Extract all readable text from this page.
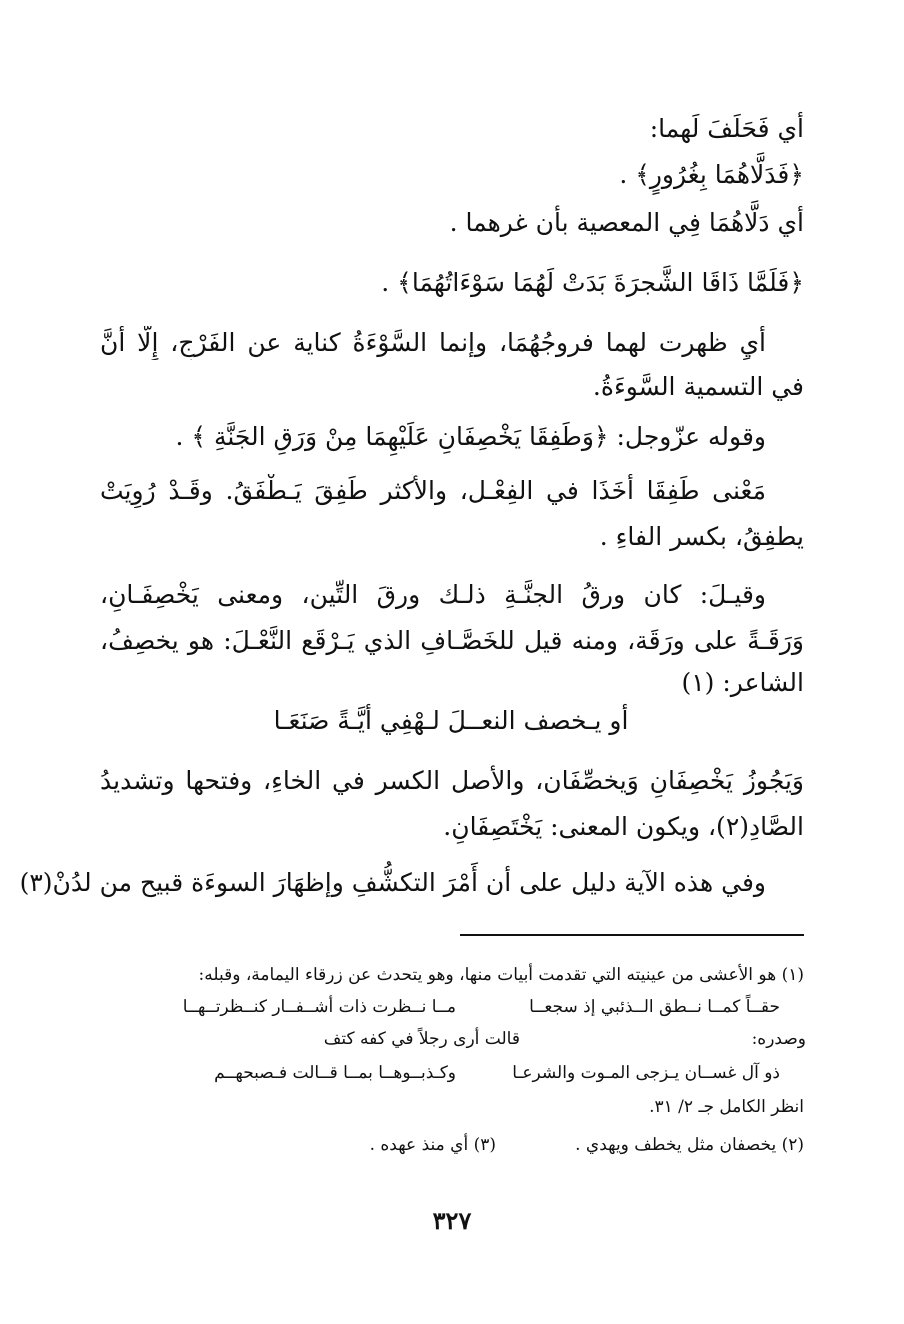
أي فَحَلَفَ لَهما:
﴿فَدَلَّاهُمَا بِغُرُورٍ﴾ .
أي دَلَّاهُمَا فِي المعصية بأن غرهما .
﴿فَلَمَّا ذَاقَا الشَّجرَةَ بَدَتْ لَهُمَا سَوْءَاتُهُمَا﴾ .
أي ظهرت لهما فروجُهُمَا، وإنما السَّوْءَةُ كناية عن الفَرْجِ، إِلَّا أَنَّ
في التسمية السَّوءَةُ.
وقوله عزّوجل: ﴿وَطَفِقَا يَخْصِفَانِ عَلَيْهِمَا مِنْ وَرَقِ الجَنَّةِ ﴾ .
مَعْنى طَفِقَا أَخَذَا في الفِعْـل، والأَكثر طَفِقَ يَـطْفَقُ. وقَـدْ رُوِيَتْ
يطفِقُ، بكسر الفاءِ .
وقيـلَ: كان ورقُ الجنَّـةِ ذلـك ورقَ التِّين، ومعنى يَخْصِفَـانِ،
وَرَقَـةً على ورَقَة، ومنه قيل للخَصَّـافِ الذي يَـرْقَع النَّعْـلَ: هو يخصِفُ،
الشاعر: (١)
أو يـخصف النعــلَ لـهْفِي أيَّـةً صَنَعَـا
وَيَجُوزُ يَخْصِفَانِ وَيخصِّفَان، والأَصل الكسر في الخاءِ، وفتحها وتشديدُ
الصَّادِ(٢)، ويكون المعنى: يَخْتَصِفَانِ.
وفي هذه الآية دليل على أن أَمْرَ التكشُّفِ وإظهَارَ السوءَة قبيح من لدُنْ(٣)
(١) هو الأعشى من عينيته التي تقدمت أبيات منها، وهو يتحدث عن زرقاء اليمامة، وقبله:
مــا نــظرت ذات أشــفــار كنــظرتــهــا	حقــاً كمــا نــطق الــذئبي إذ سجعــا
وصدره:
قالت أرى رجلاً في كفه كتف
وكـذبــوهــا بمــا قــالت فـصبحهــم	ذو آل غســان يـزجى المـوت والشرعـا
انظر الكامل جـ ٢/ ٣١.
(٢) يخصفان مثل يخطف ويهدي .
(٣) أي منذ عهده .
٣٢٧
